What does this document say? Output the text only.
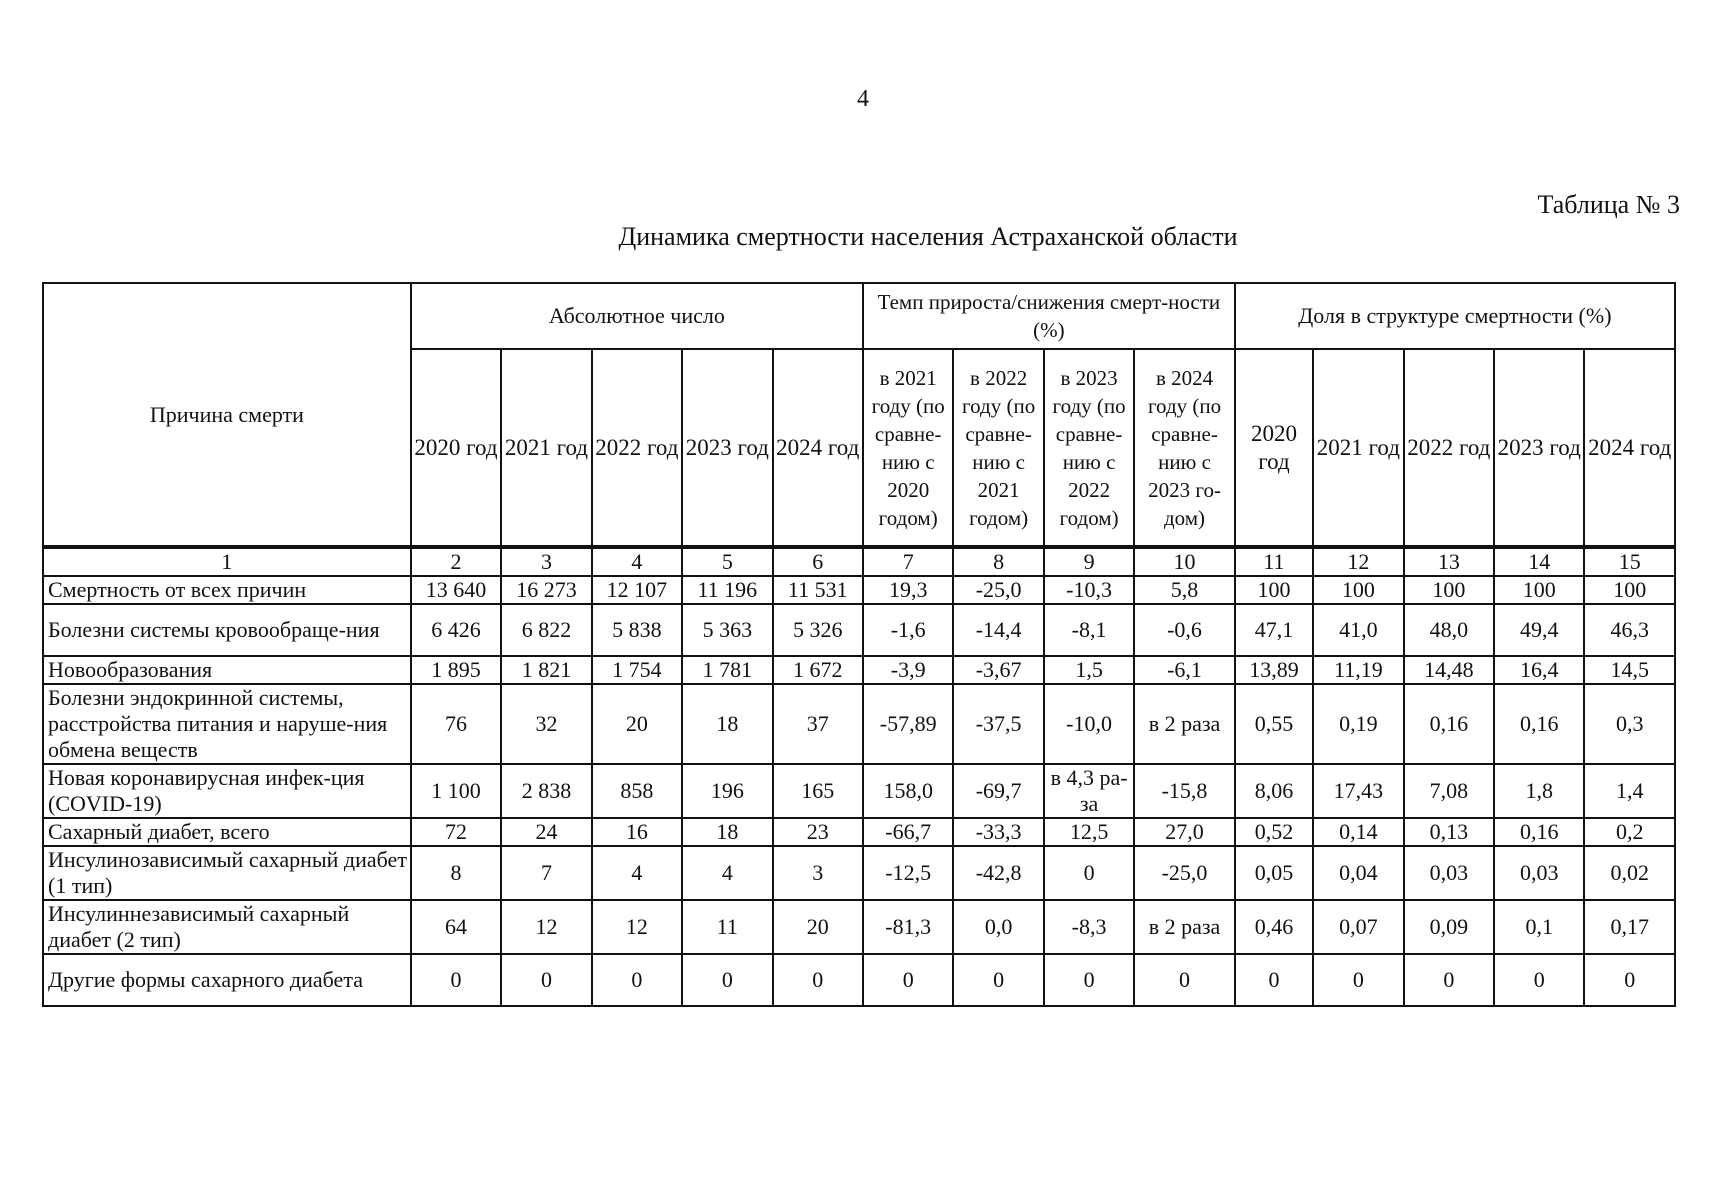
4
Таблица № 3
Динамика смертности населения Астраханской области
Причина смерти	Абсолютное число					Темп прироста/снижения смерт-ности (%)				Доля в структуре смертности (%)				
	2020 год	2021 год	2022 год	2023 год	2024 год	в 2021 году (по сравне-нию с 2020 годом)	в 2022 году (по сравне-нию с 2021 годом)	в 2023 году (по сравне-нию с 2022 годом)	в 2024 году (по сравне-нию с 2023 го-дом)	2020 год	2021 год	2022 год	2023 год	2024 год
1	2	3	4	5	6	7	8	9	10	11	12	13	14	15
Смертность от всех причин	13 640	16 273	12 107	11 196	11 531	19,3	-25,0	-10,3	5,8	100	100	100	100	100
Болезни системы кровообраще-ния	6 426	6 822	5 838	5 363	5 326	-1,6	-14,4	-8,1	-0,6	47,1	41,0	48,0	49,4	46,3
Новообразования	1 895	1 821	1 754	1 781	1 672	-3,9	-3,67	1,5	-6,1	13,89	11,19	14,48	16,4	14,5
Болезни эндокринной системы, расстройства питания и наруше-ния обмена веществ	76	32	20	18	37	-57,89	-37,5	-10,0	в 2 раза	0,55	0,19	0,16	0,16	0,3
Новая коронавирусная инфек-ция (COVID-19)	1 100	2 838	858	196	165	158,0	-69,7	в 4,3 ра-за	-15,8	8,06	17,43	7,08	1,8	1,4
Сахарный диабет, всего	72	24	16	18	23	-66,7	-33,3	12,5	27,0	0,52	0,14	0,13	0,16	0,2
Инсулинозависимый сахарный диабет (1 тип)	8	7	4	4	3	-12,5	-42,8	0	-25,0	0,05	0,04	0,03	0,03	0,02
Инсулиннезависимый сахарный диабет (2 тип)	64	12	12	11	20	-81,3	0,0	-8,3	в 2 раза	0,46	0,07	0,09	0,1	0,17
Другие формы сахарного диабета	0	0	0	0	0	0	0	0	0	0	0	0	0	0
